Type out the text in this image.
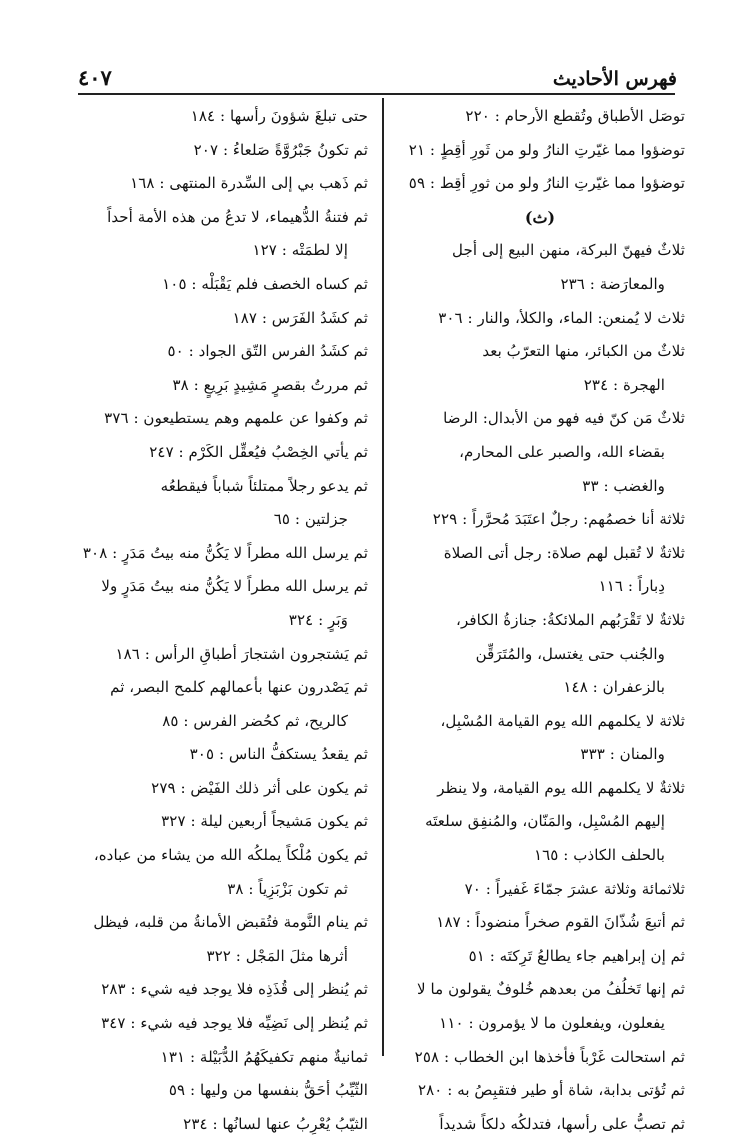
فهرس الأحاديث
٤٠٧
توصَل الأطباق وتُقطع الأرحام : ٢٢٠
توضؤوا مما غيّرتِ النارُ ولو من ثَورِ أقِطٍ : ٢١
توضؤوا مما غيّرتِ النارُ ولو من ثورِ أقِط : ٥٩
(ث)
ثلاثٌ فيهنّ البركة، منهن البيع إلى أجل
والمعارَضة : ٢٣٦
ثلاث لا يُمنعن: الماء، والكلأ، والنار : ٣٠٦
ثلاثٌ من الكبائر، منها التعرّبُ بعد
الهجرة : ٢٣٤
ثلاثٌ مَن كنّ فيه فهو من الأبدال: الرضا
بقضاء الله، والصبر على المحارم،
والغضب : ٣٣
ثلاثة أنا خصمُهم: رجلٌ اعتَبَدَ مُحرَّراً : ٢٢٩
ثلاثةٌ لا تُقبل لهم صلاة: رجل أتى الصلاة
دِباراً : ١١٦
ثلاثةٌ لا تَقْرَبُهم الملائكةُ: جنازةُ الكافر،
والجُنب حتى يغتسل، والمُتَرَقِّن
بالزعفران : ١٤٨
ثلاثة لا يكلمهم الله يوم القيامة المُسْبِل،
والمنان : ٣٣٣
ثلاثةٌ لا يكلمهم الله يوم القيامة، ولا ينظر
إليهم المُسْبِل، والمَنّان، والمُنفِق سلعتَه
بالحلف الكاذب : ١٦٥
ثلاثمائة وثلاثة عشرَ جمّاءَ غَفيراً : ٧٠
ثم أتبعَ شُذّانَ القوم صخراً منضوداً : ١٨٧
ثم إن إبراهيم جاء يطالعُ تَرِكتَه : ٥١
ثم إنها تَخلُفُ من بعدهم خُلوفٌ يقولون ما لا
يفعلون، ويفعلون ما لا يؤمرون : ١١٠
ثم استحالت غَرْباً فأخذها ابن الخطاب : ٢٥٨
ثم تُؤتى بدابة، شاة أو طير فتقبِصُ به : ٢٨٠
ثم تصبُّ على رأسها، فتدلكُه دلكاً شديداً
حتى تبلغَ شؤونَ رأسها : ١٨٤
ثم تكونُ جَبْرُوَّةً صَلعاءُ : ٢٠٧
ثم ذَهب بي إلى السِّدرة المنتهى : ١٦٨
ثم فتنةُ الدُّهيماء، لا تدعُ من هذه الأمة أحداً
إلا لطمَتْه : ١٢٧
ثم كساه الخصف فلم يَقْبَلْه : ١٠٥
ثم كشَدُ الفَرَس : ١٨٧
ثم كشَدُ الفرس التّق الجواد : ٥٠
ثم مررتُ بقصرٍ مَشِيدٍ بَرِيعٍ : ٣٨
ثم وكفوا عن علمهم وهم يستطيعون : ٣٧٦
ثم يأتي الخِصْبُ فيُعقِّل الكَرْم : ٢٤٧
ثم يدعو رجلاً ممتلئاً شباباً فيقطعُه
جزلتين : ٦٥
ثم يرسل الله مطراً لا يَكُنُّ منه بيتُ مَدَرٍ : ٣٠٨
ثم يرسل الله مطراً لا يَكُنُّ منه بيتُ مَدَرٍ ولا
وَبَرٍ : ٣٢٤
ثم يَشتجرون اشتجارَ أطباقِ الرأس : ١٨٦
ثم يَصْدرون عنها بأعمالهم كلمح البصر، ثم
كالريح، ثم كحُضر الفرس : ٨٥
ثم يقعدُ يستكفُّ الناس : ٣٠٥
ثم يكون على أثر ذلك الفَيْض : ٢٧٩
ثم يكون مَشيجاً أربعين ليلة : ٣٢٧
ثم يكون مُلْكاً يملكُه الله من يشاء من عباده،
ثم تكون بَزْبَزِياً : ٣٨
ثم ينام النَّومة فتُقبض الأمانةُ من قلبه، فيظل
أثرها مثلَ المَجْل : ٣٢٢
ثم يُنظر إلى قُذَذِه فلا يوجد فيه شيء : ٢٨٣
ثم يُنظر إلى نَضِيِّه فلا يوجد فيه شيء : ٣٤٧
ثمانيةٌ منهم تكفيكَهُمُ الدُّبَيْلة : ١٣١
الثّيِّبُ أحَقُّ بنفسها من وليها : ٥٩
الثيّبُ يُعْرِبُ عنها لسانُها : ٢٣٤
